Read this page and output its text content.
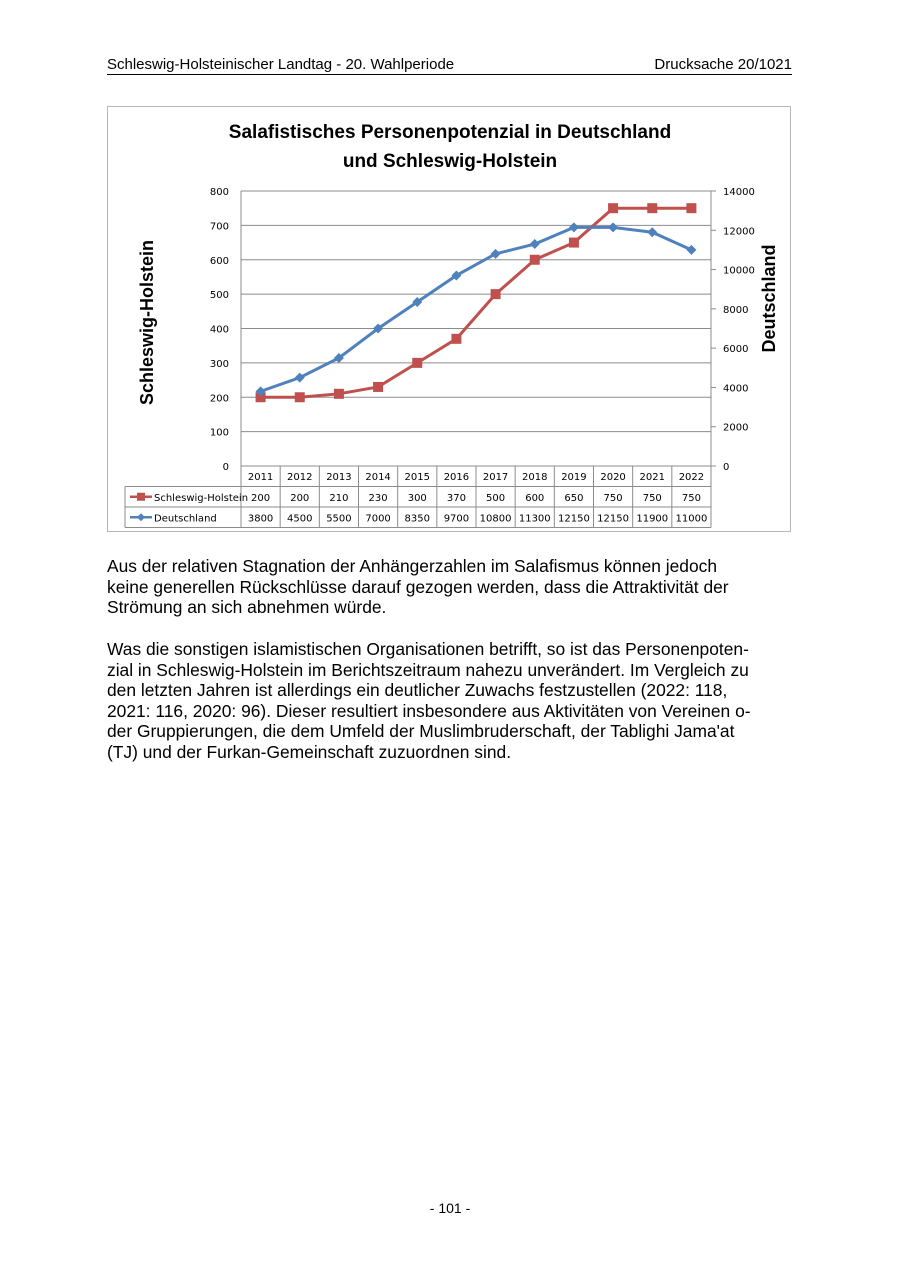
Schleswig-Holsteinischer Landtag - 20. Wahlperiode	Drucksache 20/1021
Salafistisches Personenpotenzial in Deutschland
und Schleswig-Holstein
0
100
200
300
400
500
600
700
800
0
2000
4000
6000
8000
10000
12000
14000
Schleswig-Holstein	Deutschland
2011 2012 2013 2014 2015 2016 2017 2018 2019 2020 2021 2022
Schleswig-Holstein 200 200 210 230 300 370 500 600 650 750 750 750
Deutschland	3800 4500 5500 7000 8350 9700 10800 11300 12150 12150 11900 11000
Aus der relativen Stagnation der Anhängerzahlen im Salafismus können jedoch
keine generellen Rückschlüsse darauf gezogen werden, dass die Attraktivität der
Strömung an sich abnehmen würde.
Was die sonstigen islamistischen Organisationen betrifft, so ist das Personenpoten-
zial in Schleswig-Holstein im Berichtszeitraum nahezu unverändert. Im Vergleich zu
den letzten Jahren ist allerdings ein deutlicher Zuwachs festzustellen (2022: 118,
2021: 116, 2020: 96). Dieser resultiert insbesondere aus Aktivitäten von Vereinen o-
der Gruppierungen, die dem Umfeld der Muslimbruderschaft, der Tablighi Jama'at
(TJ) und der Furkan-Gemeinschaft zuzuordnen sind.
- 101 -
